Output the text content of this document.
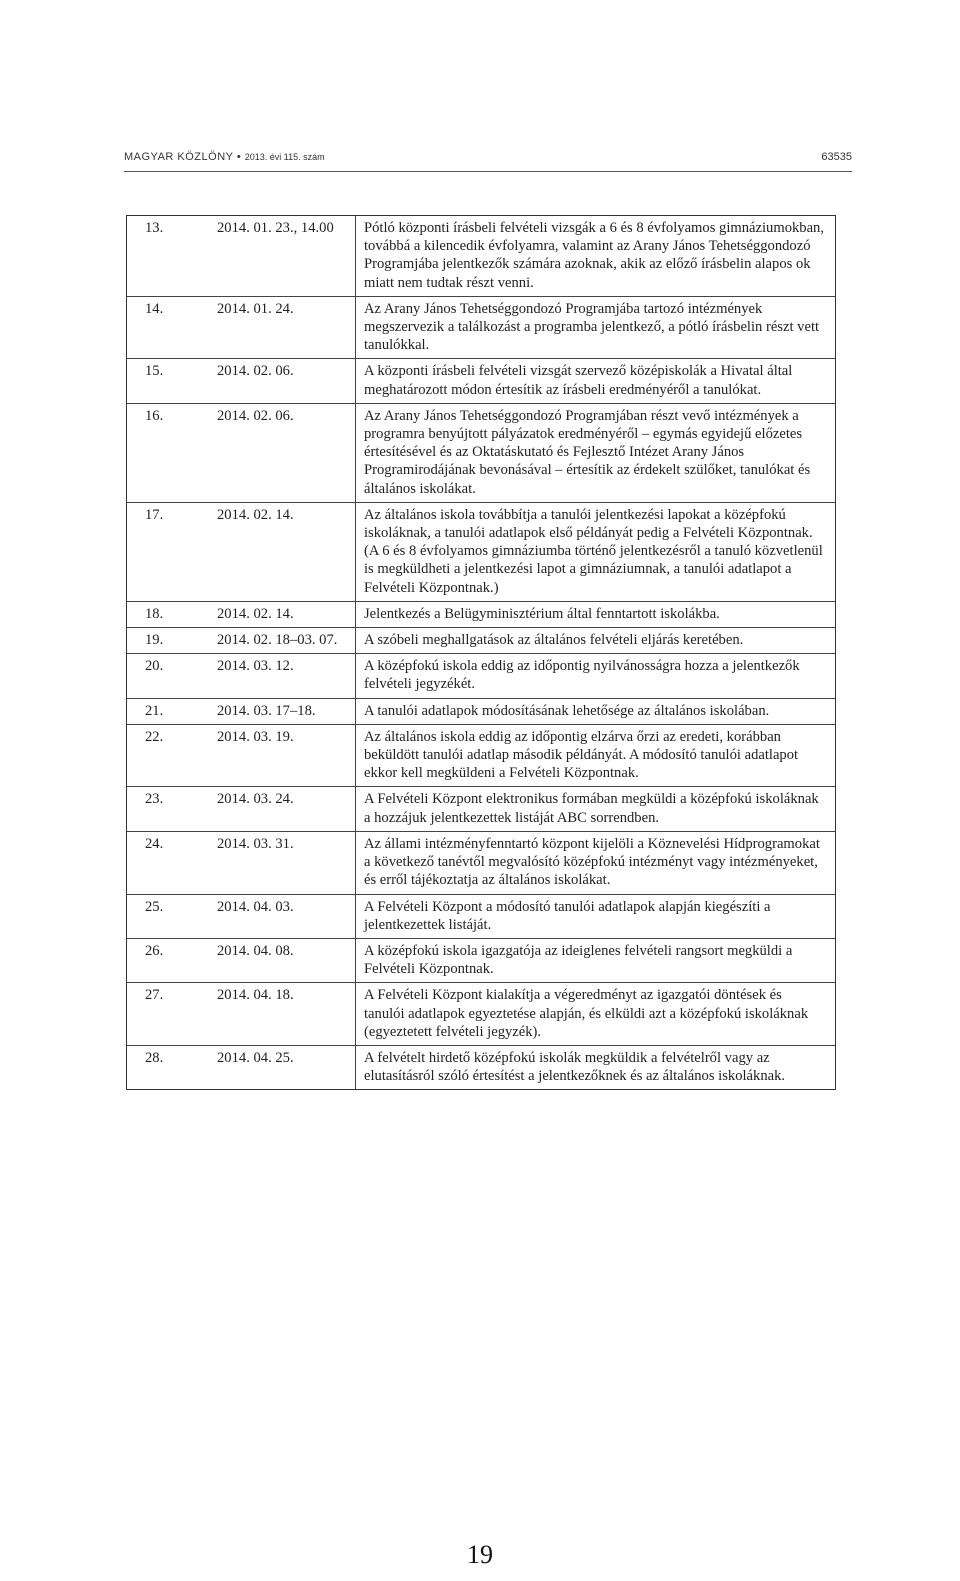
MAGYAR KÖZLÖNY • 2013. évi 115. szám	63535
13.	2014. 01. 23., 14.00	Pótló központi írásbeli felvételi vizsgák a 6 és 8 évfolyamos gimnáziumokban, továbbá a kilencedik évfolyamra, valamint az Arany János Tehetséggondozó Programjába jelentkezők számára azoknak, akik az előző írásbelin alapos ok miatt nem tudtak részt venni.
14.	2014. 01. 24.	Az Arany János Tehetséggondozó Programjába tartozó intézmények megszervezik a találkozást a programba jelentkező, a pótló írásbelin részt vett tanulókkal.
15.	2014. 02. 06.	A központi írásbeli felvételi vizsgát szervező középiskolák a Hivatal által meghatározott módon értesítik az írásbeli eredményéről a tanulókat.
16.	2014. 02. 06.	Az Arany János Tehetséggondozó Programjában részt vevő intézmények a programra benyújtott pályázatok eredményéről – egymás egyidejű előzetes értesítésével és az Oktatáskutató és Fejlesztő Intézet Arany János Programirodájának bevonásával – értesítik az érdekelt szülőket, tanulókat és általános iskolákat.
17.	2014. 02. 14.	Az általános iskola továbbítja a tanulói jelentkezési lapokat a középfokú iskoláknak, a tanulói adatlapok első példányát pedig a Felvételi Központnak. (A 6 és 8 évfolyamos gimnáziumba történő jelentkezésről a tanuló közvetlenül is megküldheti a jelentkezési lapot a gimnáziumnak, a tanulói adatlapot a Felvételi Központnak.)
18.	2014. 02. 14.	Jelentkezés a Belügyminisztérium által fenntartott iskolákba.
19.	2014. 02. 18–03. 07.	A szóbeli meghallgatások az általános felvételi eljárás keretében.
20.	2014. 03. 12.	A középfokú iskola eddig az időpontig nyilvánosságra hozza a jelentkezők felvételi jegyzékét.
21.	2014. 03. 17–18.	A tanulói adatlapok módosításának lehetősége az általános iskolában.
22.	2014. 03. 19.	Az általános iskola eddig az időpontig elzárva őrzi az eredeti, korábban beküldött tanulói adatlap második példányát. A módosító tanulói adatlapot ekkor kell megküldeni a Felvételi Központnak.
23.	2014. 03. 24.	A Felvételi Központ elektronikus formában megküldi a középfokú iskoláknak a hozzájuk jelentkezettek listáját ABC sorrendben.
24.	2014. 03. 31.	Az állami intézményfenntartó központ kijelöli a Köznevelési Hídprogramokat a következő tanévtől megvalósító középfokú intézményt vagy intézményeket, és erről tájékoztatja az általános iskolákat.
25.	2014. 04. 03.	A Felvételi Központ a módosító tanulói adatlapok alapján kiegészíti a jelentkezettek listáját.
26.	2014. 04. 08.	A középfokú iskola igazgatója az ideiglenes felvételi rangsort megküldi a Felvételi Központnak.
27.	2014. 04. 18.	A Felvételi Központ kialakítja a végeredményt az igazgatói döntések és tanulói adatlapok egyeztetése alapján, és elküldi azt a középfokú iskoláknak (egyeztetett felvételi jegyzék).
28.	2014. 04. 25.	A felvételt hirdető középfokú iskolák megküldik a felvételről vagy az elutasításról szóló értesítést a jelentkezőknek és az általános iskoláknak.
19
